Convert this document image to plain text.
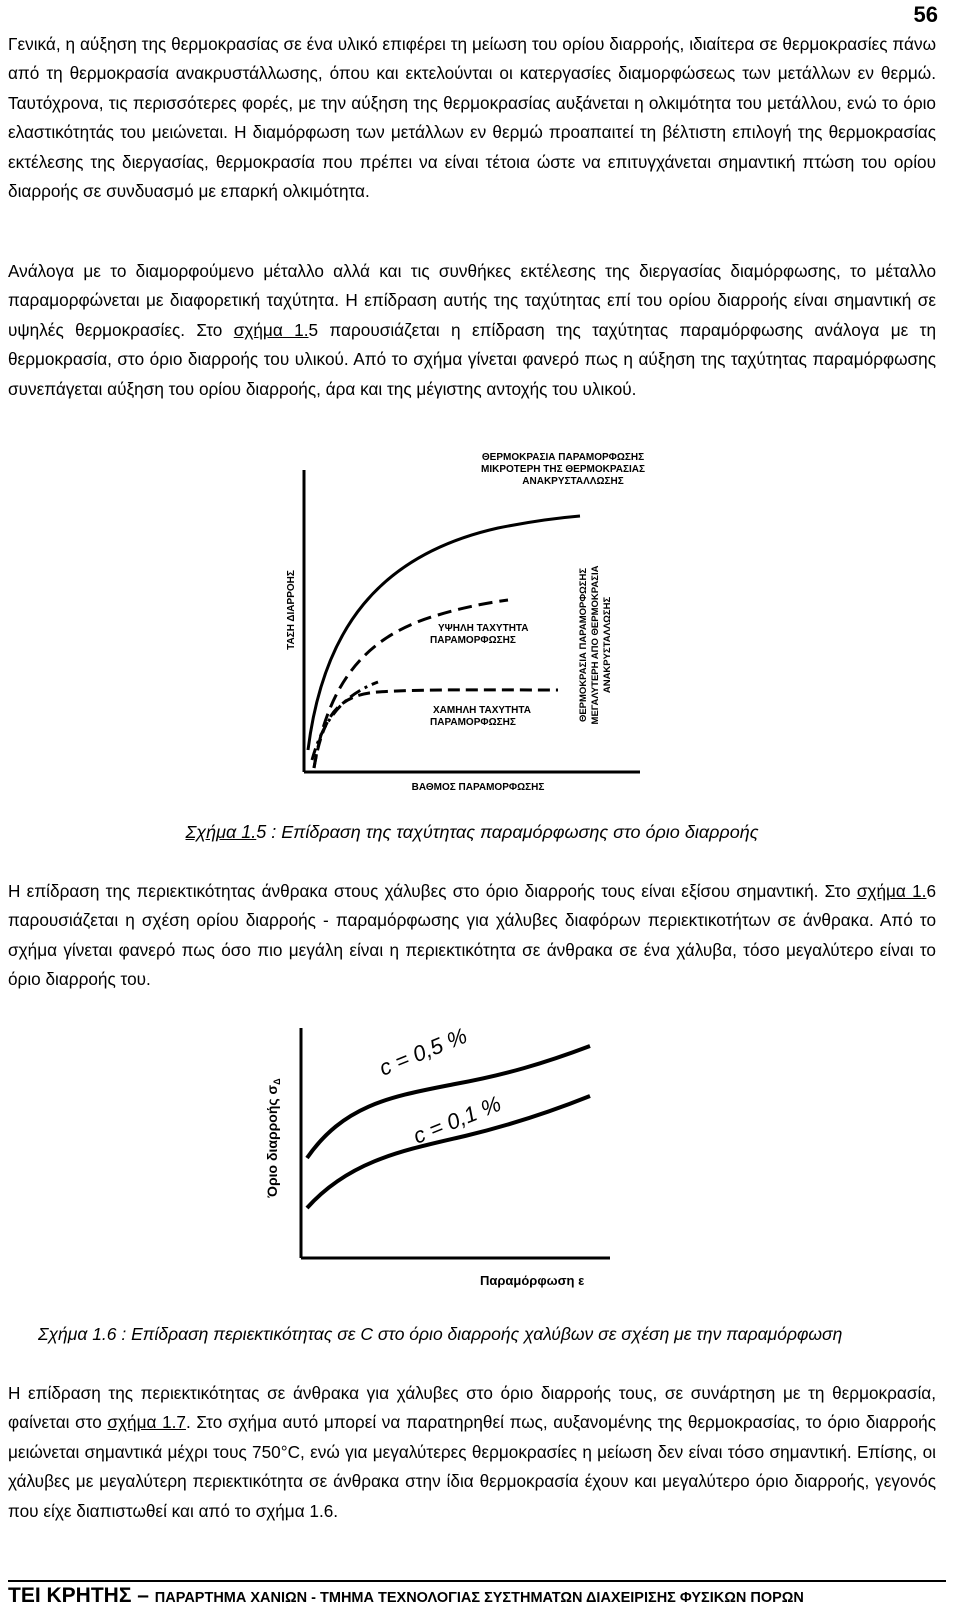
56

Γενικά, η αύξηση της θερμοκρασίας σε ένα υλικό επιφέρει τη μείωση του ορίου διαρροής, ιδιαίτερα σε θερμοκρασίες πάνω από τη θερμοκρασία ανακρυστάλλωσης, όπου και εκτελούνται οι κατεργασίες διαμορφώσεως των μετάλλων εν θερμώ. Ταυτόχρονα, τις περισσότερες φορές, με την αύξηση της θερμοκρασίας αυξάνεται η ολκιμότητα του μετάλλου, ενώ το όριο ελαστικότητάς του μειώνεται. Η διαμόρφωση των μετάλλων εν θερμώ προαπαιτεί τη βέλτιστη επιλογή της θερμοκρασίας εκτέλεσης της διεργασίας, θερμοκρασία που πρέπει να είναι τέτοια ώστε να επιτυγχάνεται σημαντική πτώση του ορίου διαρροής σε συνδυασμό με επαρκή ολκιμότητα.

Ανάλογα με το διαμορφούμενο μέταλλο αλλά και τις συνθήκες εκτέλεσης της διεργασίας διαμόρφωσης, το μέταλλο παραμορφώνεται με διαφορετική ταχύτητα. Η επίδραση αυτής της ταχύτητας επί του ορίου διαρροής είναι σημαντική σε υψηλές θερμοκρασίες. Στο σχήμα 1.5 παρουσιάζεται η επίδραση της ταχύτητας παραμόρφωσης ανάλογα με τη θερμοκρασία, στο όριο διαρροής του υλικού. Από το σχήμα γίνεται φανερό πως η αύξηση της ταχύτητας παραμόρφωσης συνεπάγεται αύξηση του ορίου διαρροής, άρα και της μέγιστης αντοχής του υλικού.

ΤΑΣΗ ΔΙΑΡΡΟΗΣ
ΘΕΡΜΟΚΡΑΣΙΑ ΠΑΡΑΜΟΡΦΩΣΗΣ
ΜΙΚΡΟΤΕΡΗ ΤΗΣ ΘΕΡΜΟΚΡΑΣΙΑΣ
ΑΝΑΚΡΥΣΤΑΛΛΩΣΗΣ
ΥΨΗΛΗ ΤΑΧΥΤΗΤΑ
ΠΑΡΑΜΟΡΦΩΣΗΣ
ΧΑΜΗΛΗ ΤΑΧΥΤΗΤΑ
ΠΑΡΑΜΟΡΦΩΣΗΣ
ΘΕΡΜΟΚΡΑΣΙΑ ΠΑΡΑΜΟΡΦΩΣΗΣ ΜΕΓΑΛΥΤΕΡΗ ΑΠΟ ΘΕΡΜΟΚΡΑΣΙΑ ΑΝΑΚΡΥΣΤΑΛΛΩΣΗΣ
ΒΑΘΜΟΣ ΠΑΡΑΜΟΡΦΩΣΗΣ

Σχήμα 1.5 : Επίδραση της ταχύτητας παραμόρφωσης στο όριο διαρροής

Η επίδραση της περιεκτικότητας άνθρακα στους χάλυβες στο όριο διαρροής τους είναι εξίσου σημαντική. Στο σχήμα 1.6 παρουσιάζεται η σχέση ορίου διαρροής - παραμόρφωσης για χάλυβες διαφόρων περιεκτικοτήτων σε άνθρακα. Από το σχήμα γίνεται φανερό πως όσο πιο μεγάλη είναι η περιεκτικότητα σε άνθρακα σε ένα χάλυβα, τόσο μεγαλύτερο είναι το όριο διαρροής του.

Όριο διαρροής $\sigma_\Delta$
c = 0,5 %
c = 0,1 %
Παραμόρφωση ε

Σχήμα 1.6 : Επίδραση περιεκτικότητας σε C στο όριο διαρροής χαλύβων σε σχέση με την παραμόρφωση

Η επίδραση της περιεκτικότητας σε άνθρακα για χάλυβες στο όριο διαρροής τους, σε συνάρτηση με τη θερμοκρασία, φαίνεται στο σχήμα 1.7. Στο σχήμα αυτό μπορεί να παρατηρηθεί πως, αυξανομένης της θερμοκρασίας, το όριο διαρροής μειώνεται σημαντικά μέχρι τους 750°C, ενώ για μεγαλύτερες θερμοκρασίες η μείωση δεν είναι τόσο σημαντική. Επίσης, οι χάλυβες με μεγαλύτερη περιεκτικότητα σε άνθρακα στην ίδια θερμοκρασία έχουν και μεγαλύτερο όριο διαρροής, γεγονός που είχε διαπιστωθεί και από το σχήμα 1.6.

ΤΕΙ ΚΡΗΤΗΣ – ΠΑΡΑΡΤΗΜΑ ΧΑΝΙΩΝ - ΤΜΗΜΑ ΤΕΧΝΟΛΟΓΙΑΣ ΣΥΣΤΗΜΑΤΩΝ ΔΙΑΧΕΙΡΙΣΗΣ ΦΥΣΙΚΩΝ ΠΟΡΩΝ
